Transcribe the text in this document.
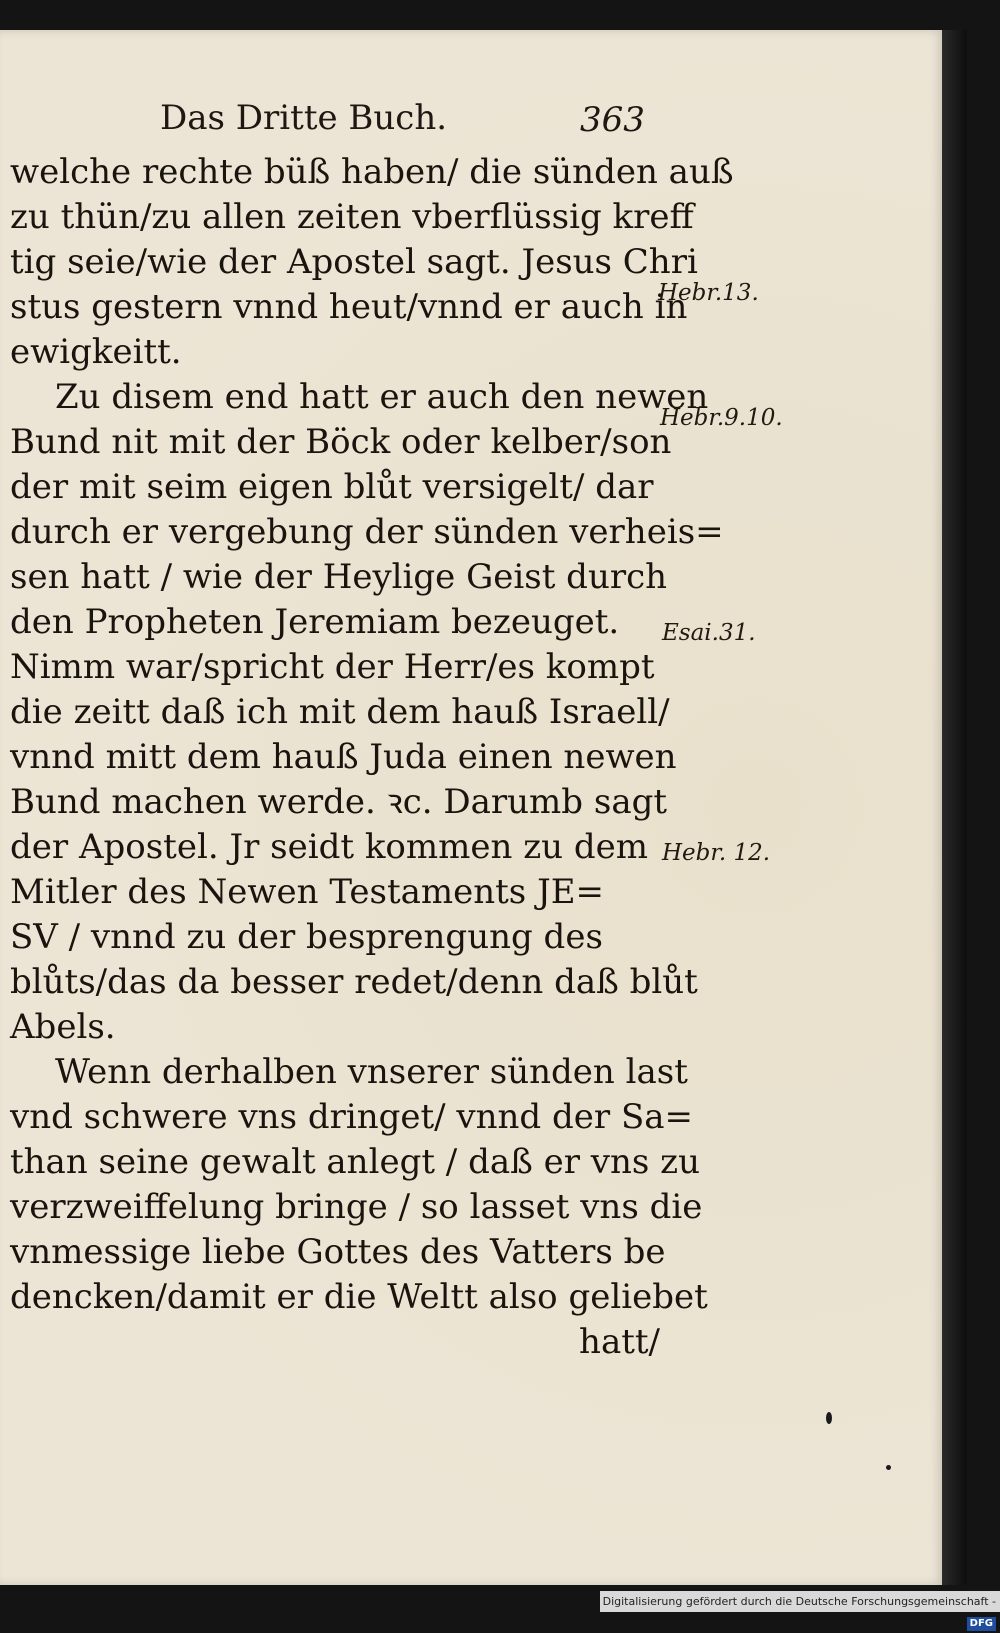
Das Dritte Buch.	363
welche rechte büß haben/ die sünden auß
zu thün/zu allen zeiten vberflüssig kreff
tig seie/wie der Apostel sagt. Jesus Chri
stus gestern vnnd heut/vnnd er auch in
ewigkeitt.
Zu disem end hatt er auch den newen
Bund nit mit der Böck oder kelber/son
der mit seim eigen blůt versigelt/ dar
durch er vergebung der sünden verheis=
sen hatt / wie der Heylige Geist durch
den Propheten Jeremiam bezeuget.
Nimm war/spricht der Herr/es kompt
die zeitt daß ich mit dem hauß Israell/
vnnd mitt dem hauß Juda einen newen
Bund machen werde. ꝛc. Darumb sagt
der Apostel. Jr seidt kommen zu dem
Mitler des Newen Testaments JE=
SV / vnnd zu der besprengung des
blůts/das da besser redet/denn daß blůt
Abels.
Wenn derhalben vnserer sünden last
vnd schwere vns dringet/ vnnd der Sa=
than seine gewalt anlegt / daß er vns zu
verzweiffelung bringe / so lasset vns die
vnmessige liebe Gottes des Vatters be
dencken/damit er die Weltt also geliebet
hatt/
Hebr.13.
Hebr.9.10.
Esai.31.
Hebr. 12.
Digitalisierung gefördert durch die Deutsche Forschungsgemeinschaft -DFG
